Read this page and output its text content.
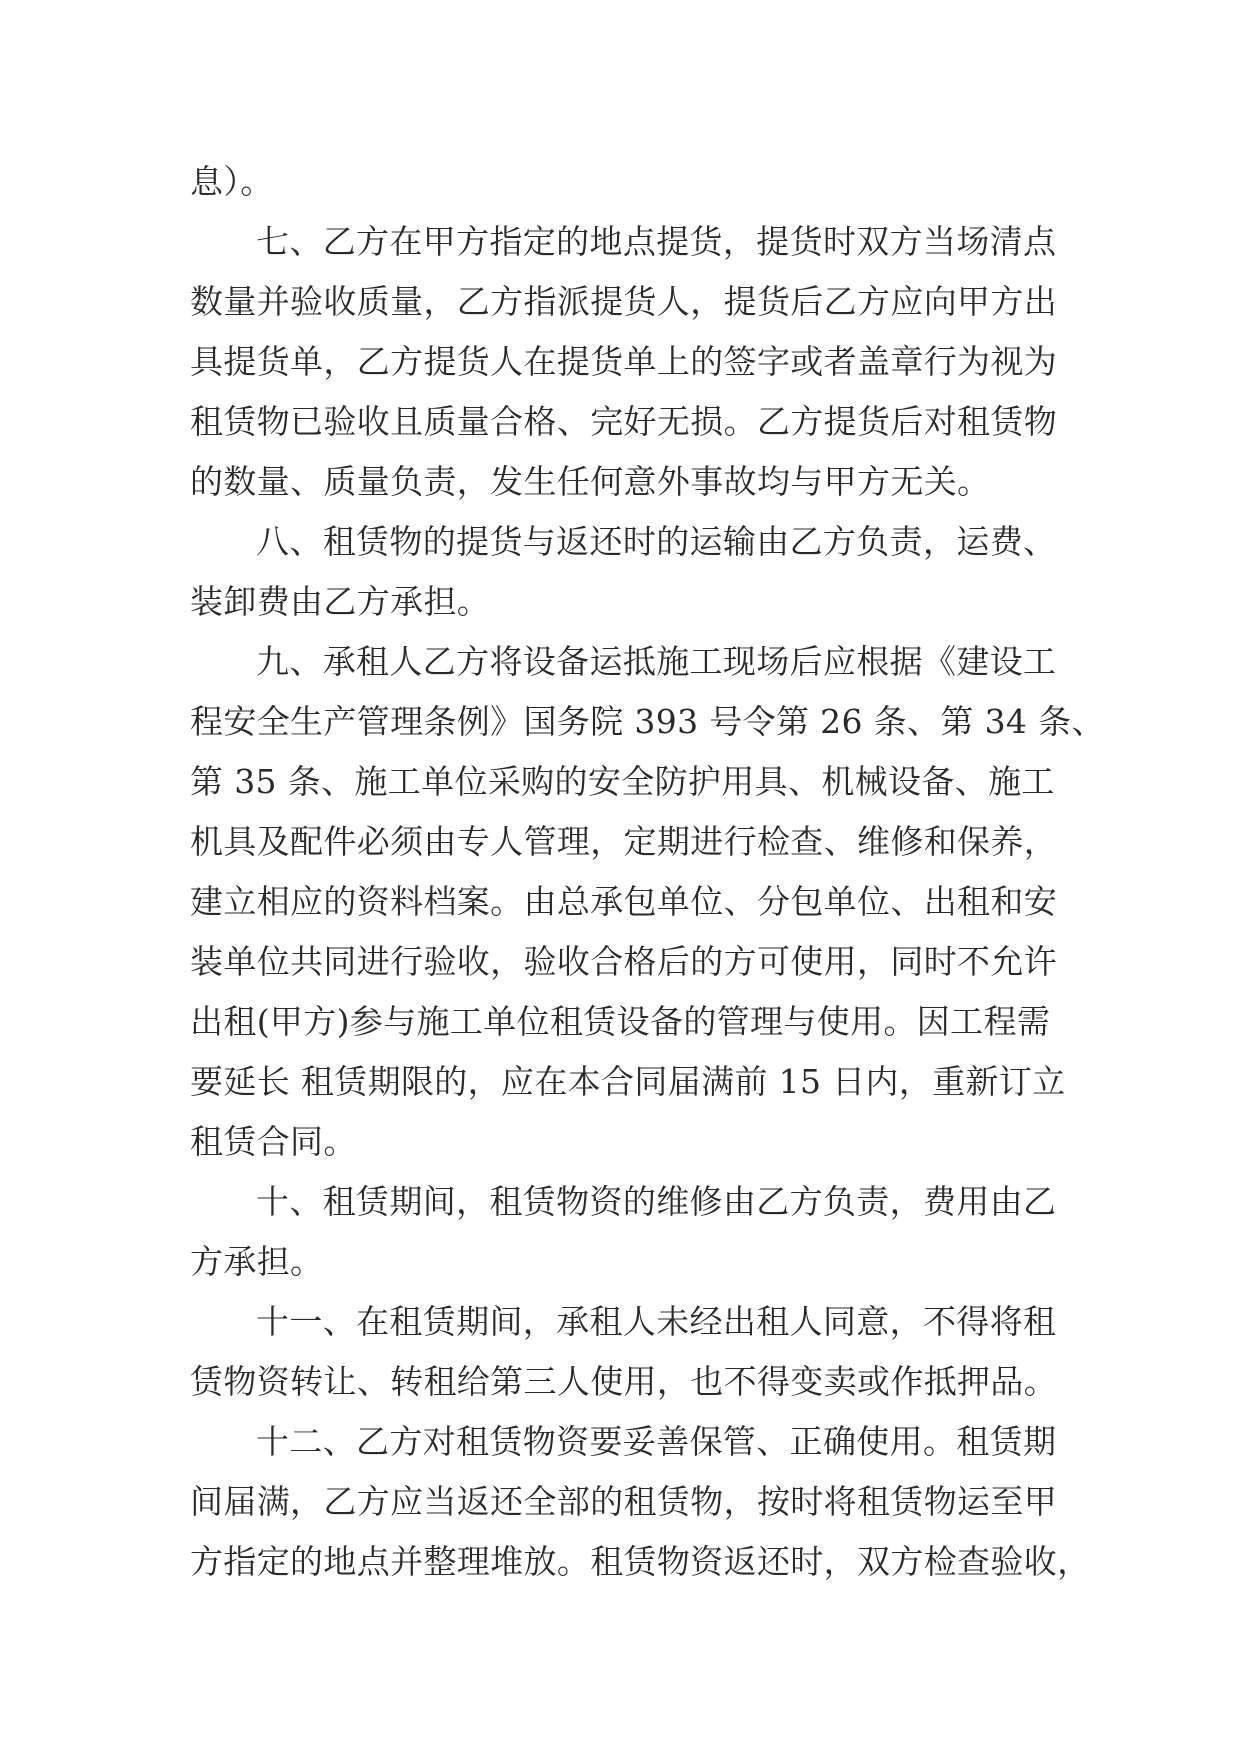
息）。
七、乙方在甲方指定的地点提货，提货时双方当场清点
数量并验收质量，乙方指派提货人，提货后乙方应向甲方出
具提货单，乙方提货人在提货单上的签字或者盖章行为视为
租赁物已验收且质量合格、完好无损。乙方提货后对租赁物
的数量、质量负责，发生任何意外事故均与甲方无关。
八、租赁物的提货与返还时的运输由乙方负责，运费、
装卸费由乙方承担。
九、承租人乙方将设备运抵施工现场后应根据《建设工
程安全生产管理条例》国务院 393 号令第 26 条、第 34 条、
第 35 条、施工单位采购的安全防护用具、机械设备、施工
机具及配件必须由专人管理，定期进行检查、维修和保养，
建立相应的资料档案。由总承包单位、分包单位、出租和安
装单位共同进行验收，验收合格后的方可使用，同时不允许
出租(甲方)参与施工单位租赁设备的管理与使用。因工程需
要延长 租赁期限的，应在本合同届满前 15 日内，重新订立
租赁合同。
十、租赁期间，租赁物资的维修由乙方负责，费用由乙
方承担。
十一、在租赁期间，承租人未经出租人同意，不得将租
赁物资转让、转租给第三人使用，也不得变卖或作抵押品。
十二、乙方对租赁物资要妥善保管、正确使用。租赁期
间届满，乙方应当返还全部的租赁物，按时将租赁物运至甲
方指定的地点并整理堆放。租赁物资返还时，双方检查验收，
